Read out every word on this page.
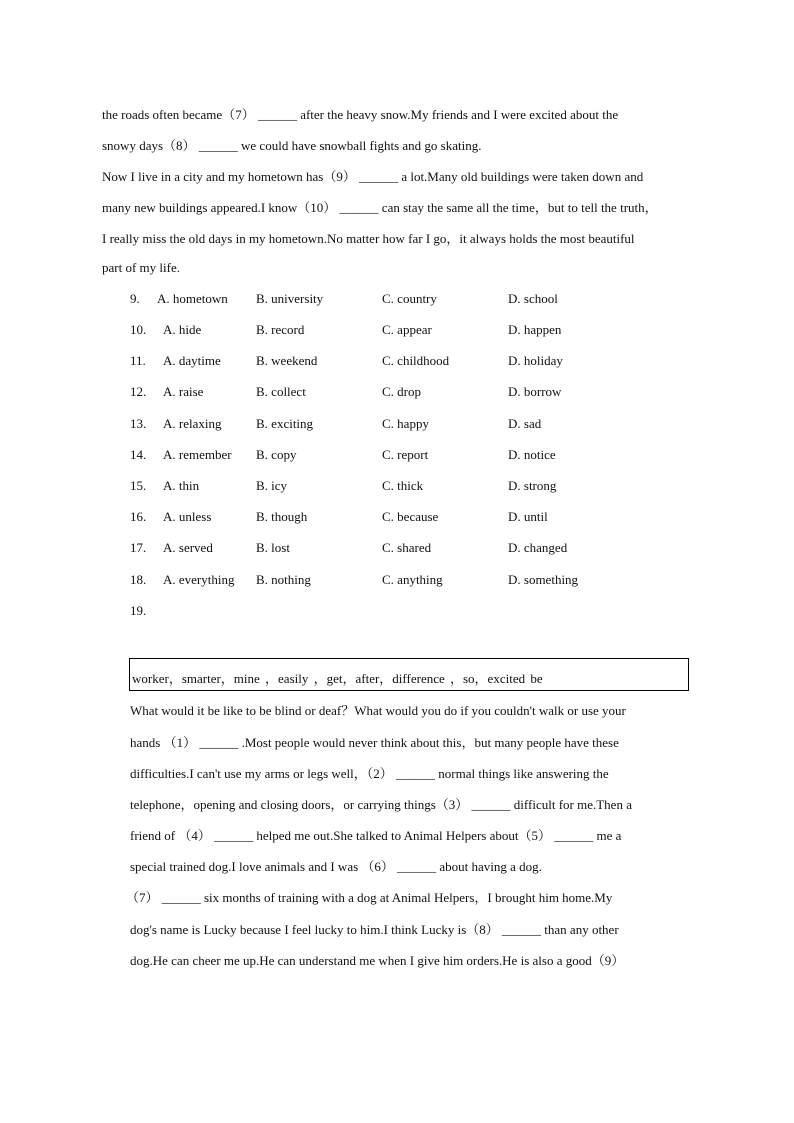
the roads often became（7） ______ after the heavy snow.My friends and I were excited about the
snowy days（8） ______ we could have snowball fights and go skating.
Now I live in a city and my hometown has（9） ______ a lot.Many old buildings were taken down and
many new buildings appeared.I know（10） ______ can stay the same all the time，but to tell the truth，
I really miss the old days in my hometown.No matter how far I go，it always holds the most beautiful
part of my life.
9. A. hometown B. university	C. country	D. school
10. A. hide	B. record	C. appear	D. happen
11. A. daytime	B. weekend	C. childhood	D. holiday
12. A. raise	B. collect	C. drop	D. borrow
13. A. relaxing	B. exciting	C. happy	D. sad
14. A. remember B. copy	C. report	D. notice
15. A. thin	B. icy	C. thick	D. strong
16. A. unless	B. though	C. because	D. until
17. A. served	B. lost	C. shared	D. changed
18. A. everything B. nothing	C. anything	D. something
19.
worker，smarter，mine ，easily ，get，after，difference ，so，excited be
What would it be like to be blind or deaf？What would you do if you couldn't walk or use your
hands （1） ______ .Most people would never think about this，but many people have these
difficulties.I can't use my arms or legs well，（2） ______ normal things like answering the
telephone，opening and closing doors，or carrying things（3） ______ difficult for me.Then a
friend of （4） ______ helped me out.She talked to Animal Helpers about（5） ______ me a
special trained dog.I love animals and I was （6） ______ about having a dog.
（7） ______ six months of training with a dog at Animal Helpers，I brought him home.My
dog's name is Lucky because I feel lucky to him.I think Lucky is（8） ______ than any other
dog.He can cheer me up.He can understand me when I give him orders.He is also a good（9）
